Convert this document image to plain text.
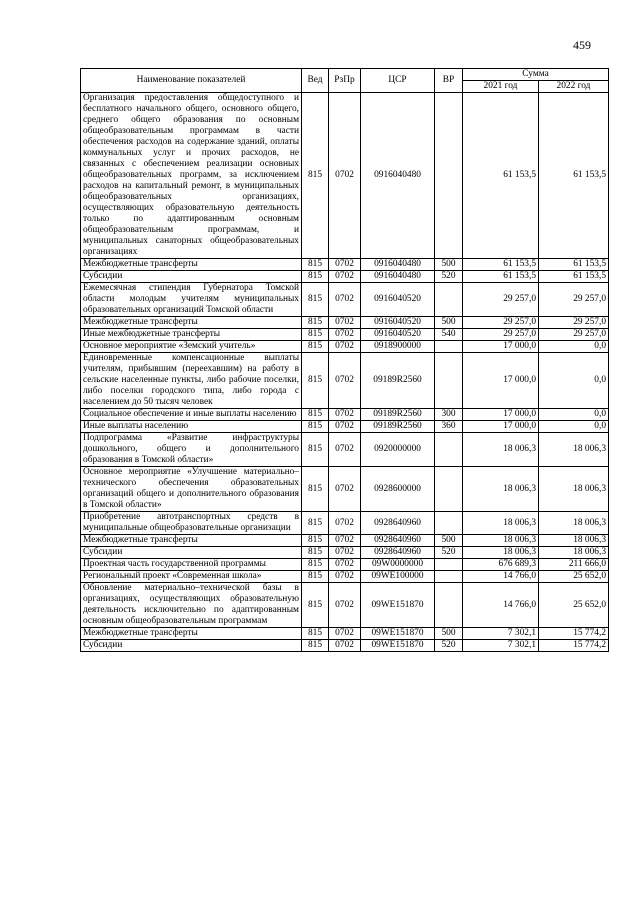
459
Наименование показателей	Вед	РзПр	ЦСР	ВР	Сумма	
					2021 год	2022 год
Организация предоставления общедоступного и бесплатного начального общего, основного общего, среднего общего образования по основным общеобразовательным программам в части обеспечения расходов на содержание зданий, оплаты коммунальных услуг и прочих расходов, не связанных с обеспечением реализации основных общеобразовательных программ, за исключением расходов на капитальный ремонт, в муниципальных общеобразовательных организациях, осуществляющих образовательную деятельность только по адаптированным основным общеобразовательным программам, и муниципальных санаторных общеобразовательных организациях	815	0702	0916040480		61 153,5	61 153,5
Межбюджетные трансферты	815	0702	0916040480	500	61 153,5	61 153,5
Субсидии	815	0702	0916040480	520	61 153,5	61 153,5
Ежемесячная стипендия Губернатора Томской области молодым учителям муниципальных образовательных организаций Томской области	815	0702	0916040520		29 257,0	29 257,0
Межбюджетные трансферты	815	0702	0916040520	500	29 257,0	29 257,0
Иные межбюджетные трансферты	815	0702	0916040520	540	29 257,0	29 257,0
Основное мероприятие «Земский учитель»	815	0702	0918900000		17 000,0	0,0
Единовременные компенсационные выплаты учителям, прибывшим (переехавшим) на работу в сельские населенные пункты, либо рабочие поселки, либо поселки городского типа, либо города с населением до 50 тысяч человек	815	0702	09189R2560		17 000,0	0,0
Социальное обеспечение и иные выплаты населению	815	0702	09189R2560	300	17 000,0	0,0
Иные выплаты населению	815	0702	09189R2560	360	17 000,0	0,0
Подпрограмма «Развитие инфраструктуры дошкольного, общего и дополнительного образования в Томской области»	815	0702	0920000000		18 006,3	18 006,3
Основное мероприятие «Улучшение материально–технического обеспечения образовательных организаций общего и дополнительного образования в Томской области»	815	0702	0928600000		18 006,3	18 006,3
Приобретение автотранспортных средств в муниципальные общеобразовательные организации	815	0702	0928640960		18 006,3	18 006,3
Межбюджетные трансферты	815	0702	0928640960	500	18 006,3	18 006,3
Субсидии	815	0702	0928640960	520	18 006,3	18 006,3
Проектная часть государственной программы	815	0702	09W0000000		676 689,3	211 666,0
Региональный проект «Современная школа»	815	0702	09WE100000		14 766,0	25 652,0
Обновление материально–технической базы в организациях, осуществляющих образовательную деятельность исключительно по адаптированным основным общеобразовательным программам	815	0702	09WE151870		14 766,0	25 652,0
Межбюджетные трансферты	815	0702	09WE151870	500	7 302,1	15 774,2
Субсидии	815	0702	09WE151870	520	7 302,1	15 774,2
